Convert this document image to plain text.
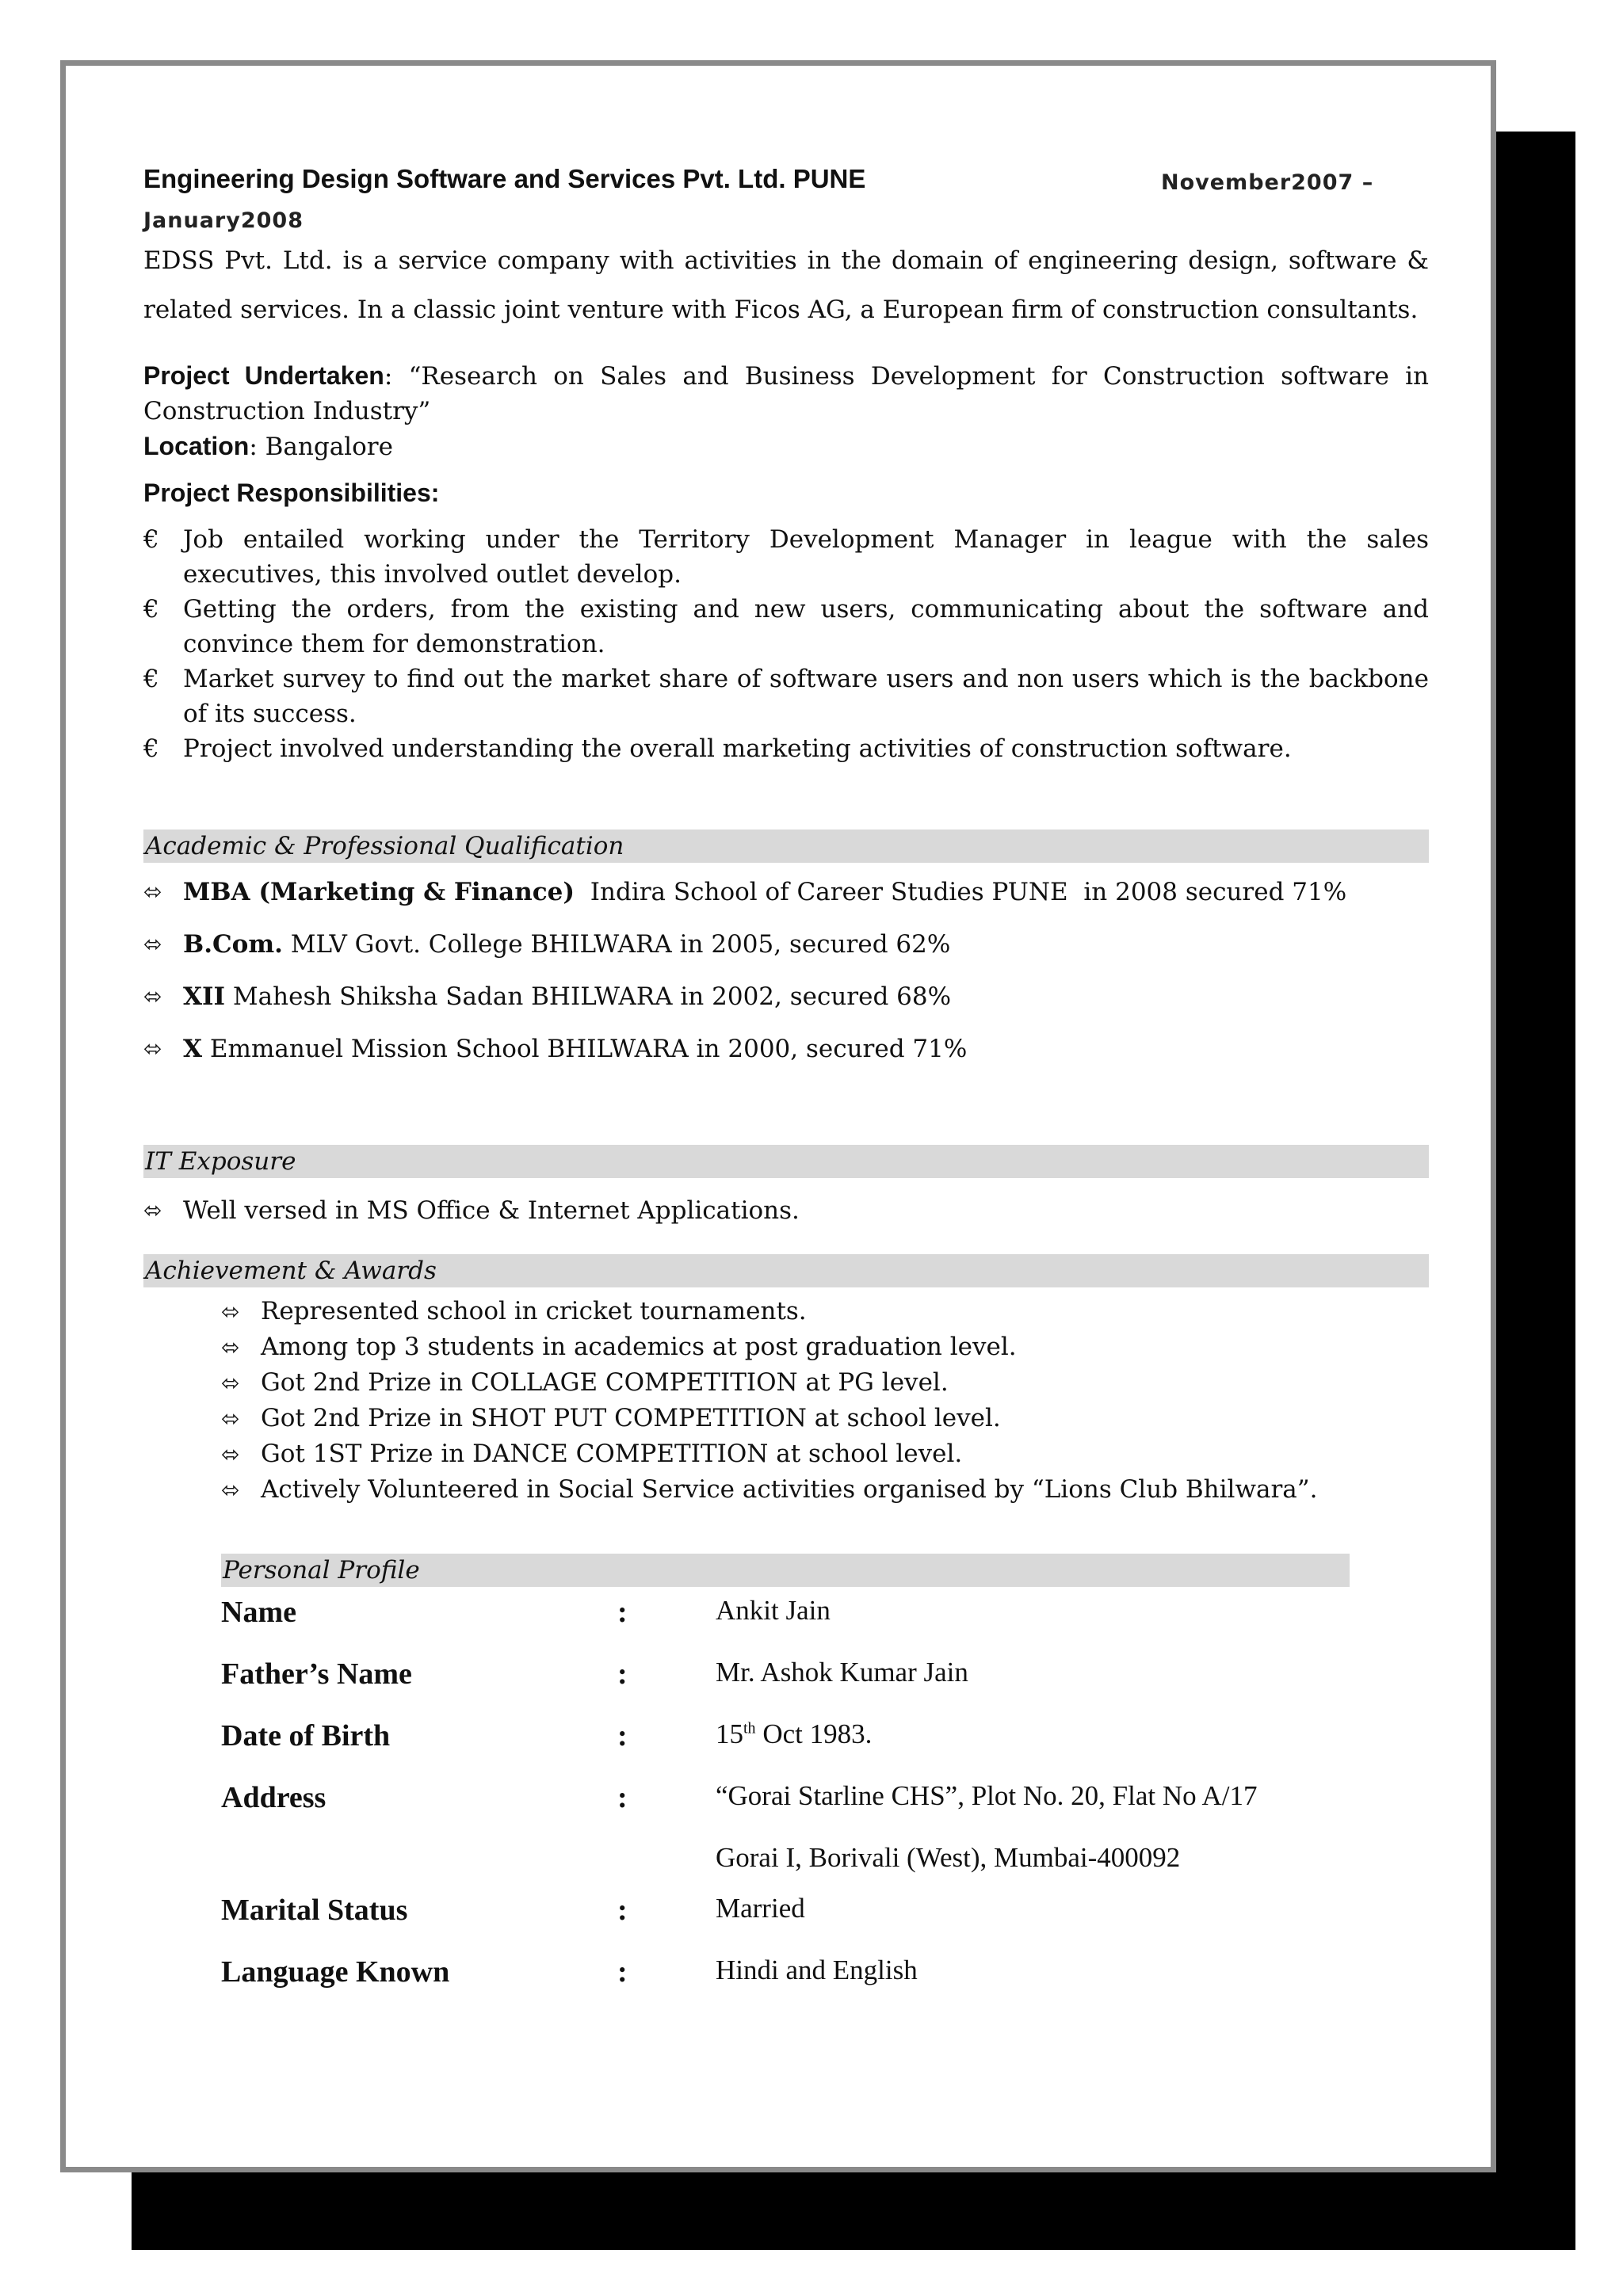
Engineering Design Software and Services Pvt. Ltd. PUNE	November2007 –
January2008
EDSS Pvt. Ltd. is a service company with activities in the domain of engineering design, software & related services. In a classic joint venture with Ficos AG, a European firm of construction consultants.
Project Undertaken: “Research on Sales and Business Development for Construction software in Construction Industry”
Location: Bangalore
Project Responsibilities:
€ Job entailed working under the Territory Development Manager in league with the sales executives, this involved outlet develop.
€ Getting the orders, from the existing and new users, communicating about the software and convince them for demonstration.
€ Market survey to find out the market share of software users and non users which is the backbone of its success.
€ Project involved understanding the overall marketing activities of construction software.
Academic & Professional Qualification
⬄ MBA (Marketing & Finance)  Indira School of Career Studies PUNE  in 2008 secured 71%
⬄ B.Com. MLV Govt. College BHILWARA in 2005, secured 62%
⬄ XII Mahesh Shiksha Sadan BHILWARA in 2002, secured 68%
⬄ X Emmanuel Mission School BHILWARA in 2000, secured 71%
IT Exposure
⬄ Well versed in MS Office & Internet Applications.
Achievement & Awards
⬄ Represented school in cricket tournaments.
⬄ Among top 3 students in academics at post graduation level.
⬄ Got 2nd Prize in COLLAGE COMPETITION at PG level.
⬄ Got 2nd Prize in SHOT PUT COMPETITION at school level.
⬄ Got 1ST Prize in DANCE COMPETITION at school level.
⬄ Actively Volunteered in Social Service activities organised by “Lions Club Bhilwara”.
Personal Profile
Name	:	Ankit Jain
Father’s Name	:	Mr. Ashok Kumar Jain
Date of Birth	:	15th Oct 1983.
Address	:	“Gorai Starline CHS”, Plot No. 20, Flat No A/17
Gorai I, Borivali (West), Mumbai-400092
Marital Status	:	Married
Language Known	:	Hindi and English
